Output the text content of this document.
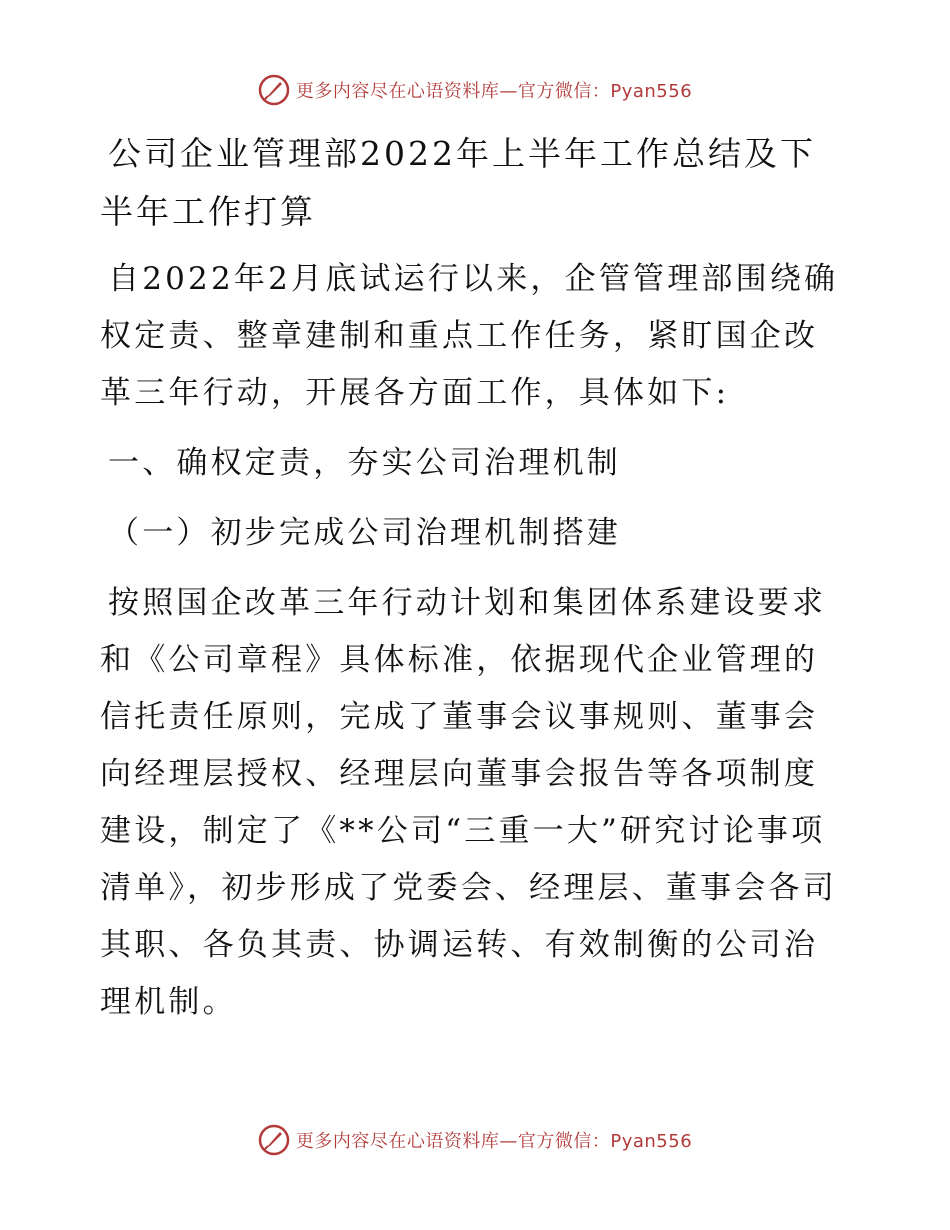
更多内容尽在心语资料库—官方微信：Pyan556
公司企业管理部2022年上半年工作总结及下半年工作打算

自2022年2月底试运行以来，企管管理部围绕确权定责、整章建制和重点工作任务，紧盯国企改革三年行动，开展各方面工作，具体如下:

一、确权定责，夯实公司治理机制

（一）初步完成公司治理机制搭建

按照国企改革三年行动计划和集团体系建设要求和《公司章程》具体标准，依据现代企业管理的信托责任原则，完成了董事会议事规则、董事会向经理层授权、经理层向董事会报告等各项制度建设，制定了《**公司“三重一大”研究讨论事项清单》，初步形成了党委会、经理层、董事会各司其职、各负其责、协调运转、有效制衡的公司治理机制。

更多内容尽在心语资料库—官方微信：Pyan556
